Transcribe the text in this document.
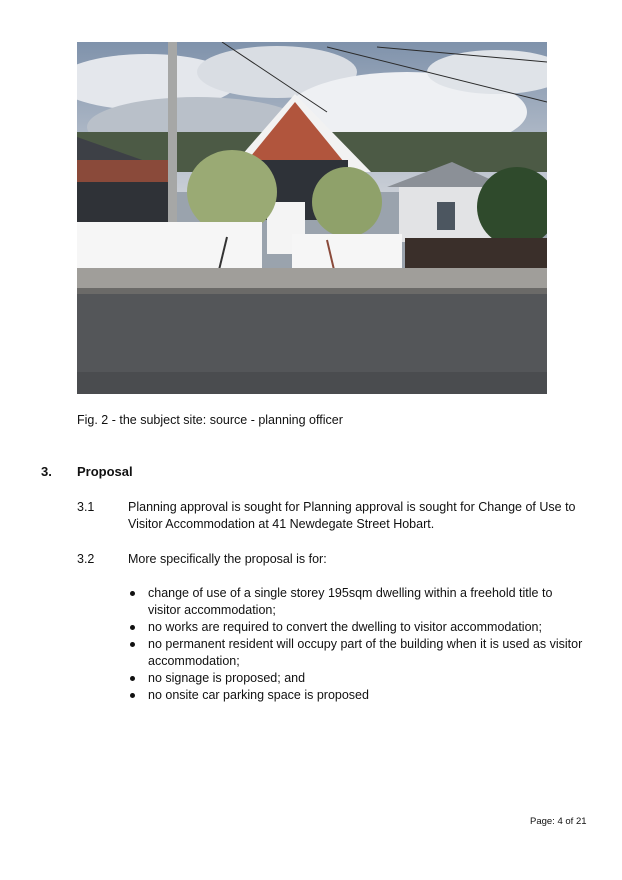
Fig. 2 - the subject site: source - planning officer
3. Proposal
3.1	Planning approval is sought for Planning approval is sought for Change of Use to Visitor Accommodation at 41 Newdegate Street Hobart.
3.2	More specifically the proposal is for:
change of use of a single storey 195sqm dwelling within a freehold title to visitor accommodation;
no works are required to convert the dwelling to visitor accommodation;
no permanent resident will occupy part of the building when it is used as visitor accommodation;
no signage is proposed; and
no onsite car parking space is proposed
Page: 4 of 21
